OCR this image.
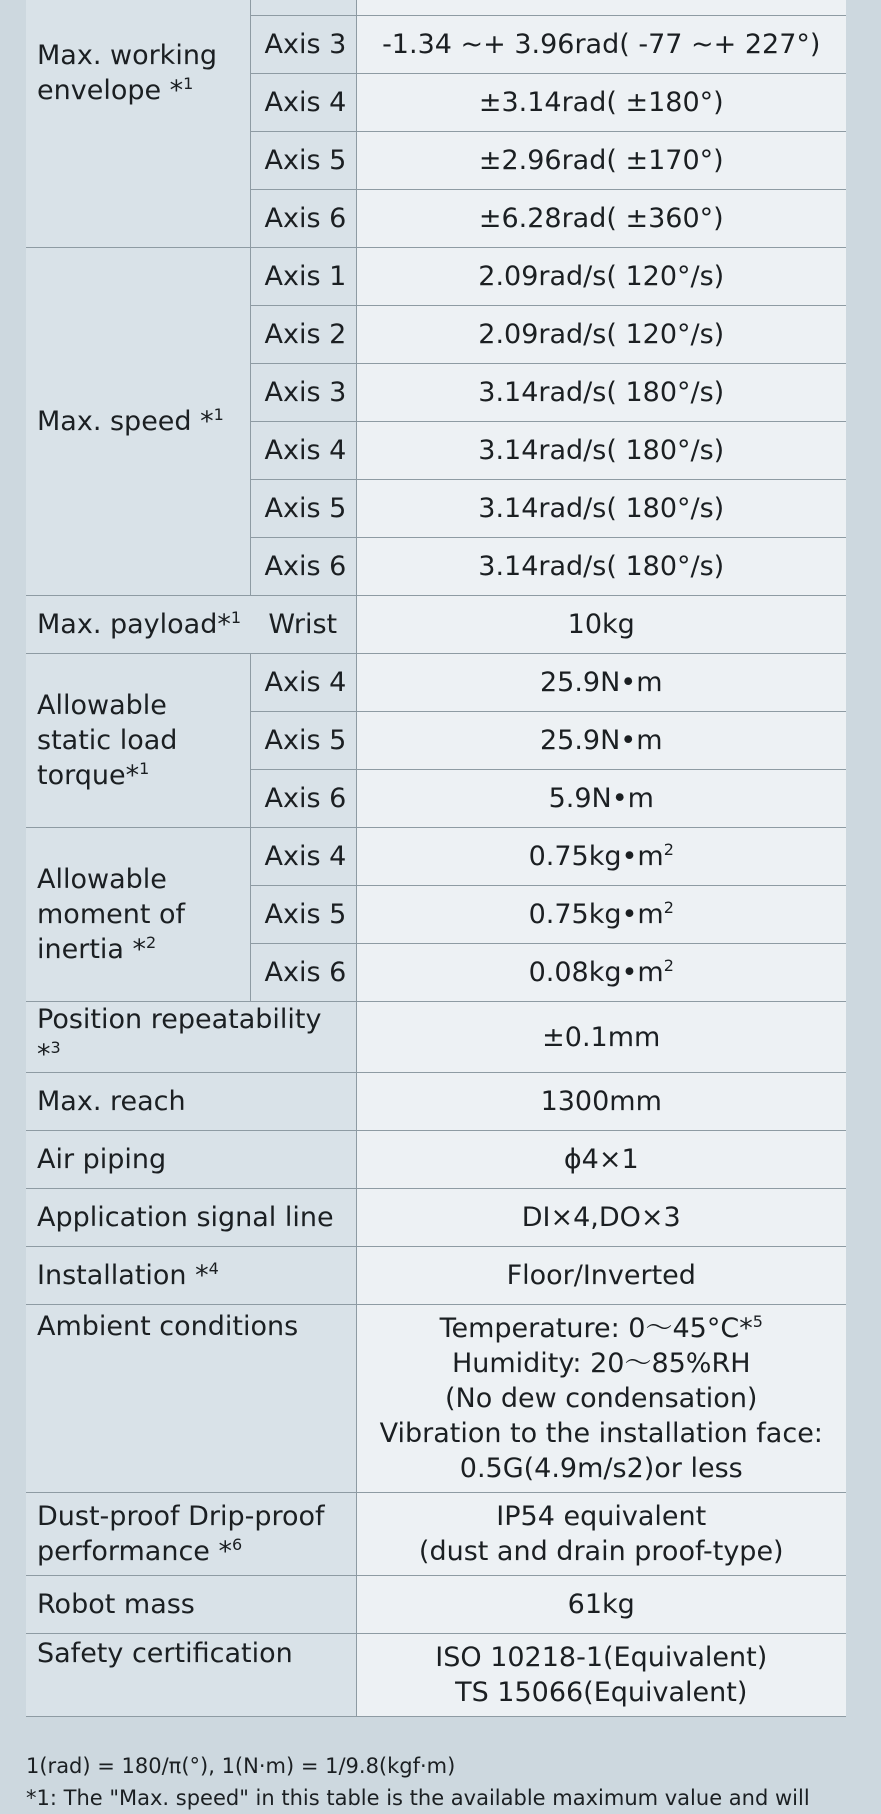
Max. working envelope *$^1$		
	Axis 3	-1.34 ~+ 3.96rad( -77 ~+ 227°)
	Axis 4	±3.14rad( ±180°)
	Axis 5	±2.96rad( ±170°)
	Axis 6	±6.28rad( ±360°)
Max. speed *$^1$	Axis 1	2.09rad/s( 120°/s)
	Axis 2	2.09rad/s( 120°/s)
	Axis 3	3.14rad/s( 180°/s)
	Axis 4	3.14rad/s( 180°/s)
	Axis 5	3.14rad/s( 180°/s)
	Axis 6	3.14rad/s( 180°/s)
Max. payload*$^1$	Wrist	10kg

Allowable
static load
torque*$^1$	Axis 4	25.9N•m
	Axis 5	25.9N•m
	Axis 6	5.9N•m

Allowable
moment of
inertia *$^2$	Axis 4	$0.75kg•m^2$
	Axis 5	$0.75kg•m^2$
	Axis 6	$0.08kg•m^2$
Position repeatability *$^3$		±0.1mm
Max. reach		1300mm
Air piping		ϕ4×1
Application signal line		DI×4,DO×3
Installation *$^4$		Floor/Inverted
Ambient conditions		Temperature: 0〜45°C*$^5$
Humidity: 20〜85%RH
(No dew condensation)
Vibration to the installation face:
0.5G(4.9m/s2)or less

Dust-proof Drip-proof
performance *$^6$		IP54 equivalent
(dust and drain proof-type)

Robot mass		61kg
Safety certification		ISO 10218-1(Equivalent)
TS 15066(Equivalent)
1(rad) = 180/π(°), 1(N·m) = 1/9.8(kgf·m)
*1: The "Max. speed" in this table is the available maximum value and will
